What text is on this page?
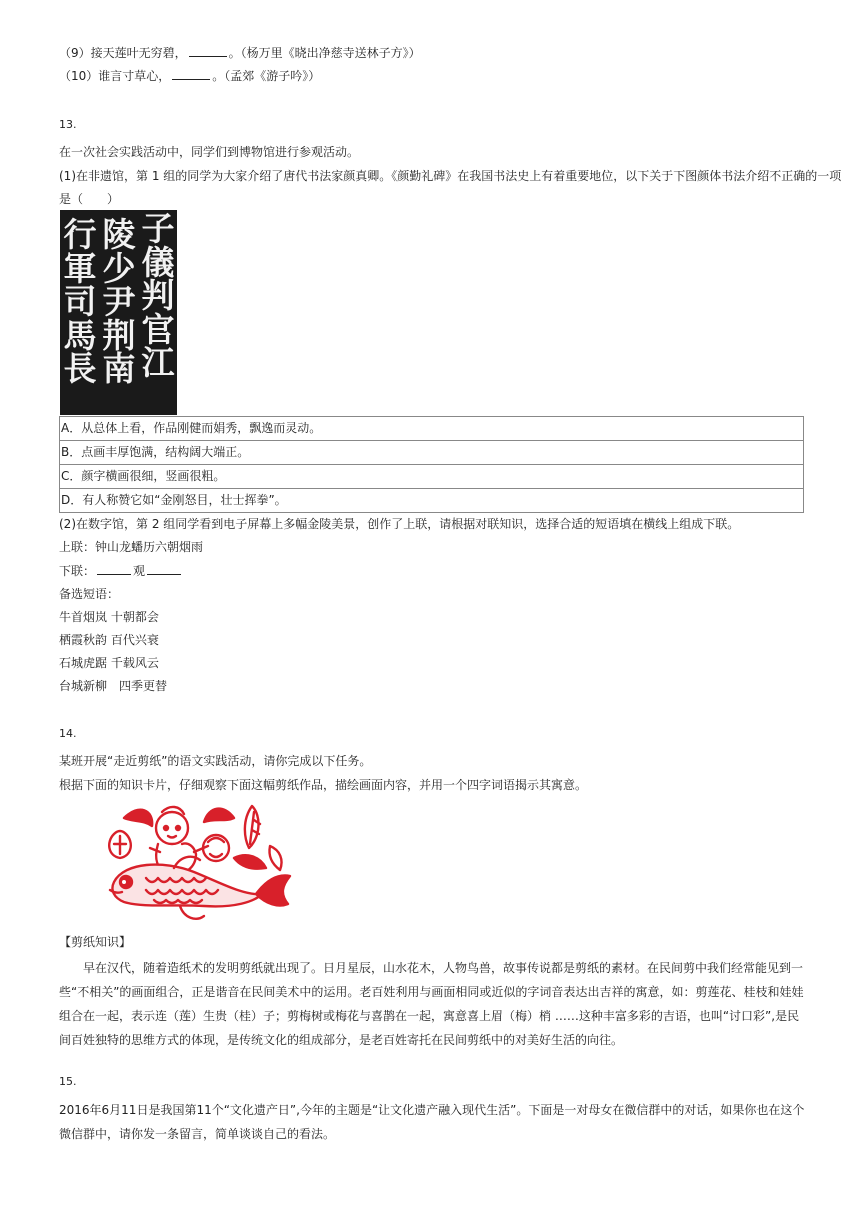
（9）接天莲叶无穷碧，	。（杨万里《晓出净慈寺送林子方》）
（10）谁言寸草心，	。（孟郊《游子吟》）
13.
在一次社会实践活动中，同学们到博物馆进行参观活动。
(1)在非遗馆，第 1 组的同学为大家介绍了唐代书法家颜真卿。《颜勤礼碑》在我国书法史上有着重要地位，以下关于下图颜体书法介绍不正确的一项
是（　　）
子
儀
判
官
江
陵
少
尹
荆
南
行
軍
司
馬
長
A．从总体上看，作品刚健而娟秀，飘逸而灵动。
B．点画丰厚饱满，结构阔大端正。
C．颜字横画很细，竖画很粗。
D．有人称赞它如“金刚怒目，壮士挥拳”。
(2)在数字馆，第 2 组同学看到电子屏幕上多幅金陵美景，创作了上联，请根据对联知识，选择合适的短语填在横线上组成下联。
上联：钟山龙蟠历六朝烟雨
下联：	观
备选短语：
牛首烟岚 十朝都会
栖霞秋韵 百代兴衰
石城虎踞 千载风云
台城新柳　四季更替
14.
某班开展“走近剪纸”的语文实践活动，请你完成以下任务。
根据下面的知识卡片，仔细观察下面这幅剪纸作品，描绘画面内容，并用一个四字词语揭示其寓意。
【剪纸知识】
早在汉代，随着造纸术的发明剪纸就出现了。日月星辰，山水花木，人物鸟兽，故事传说都是剪纸的素材。在民间剪中我们经常能见到一些“不相关”的画面组合，正是谐音在民间美术中的运用。老百姓利用与画面相同或近似的字词音表达出吉祥的寓意，如：剪莲花、桂枝和娃娃组合在一起，表示连（莲）生贵（桂）子；剪梅树或梅花与喜鹊在一起，寓意喜上眉（梅）梢 ……这种丰富多彩的吉语，也叫“讨口彩”,是民间百姓独特的思维方式的体现，是传统文化的组成部分，是老百姓寄托在民间剪纸中的对美好生活的向往。
15.
2016年6月11日是我国第11个“文化遗产日”,今年的主题是“让文化遗产融入现代生活”。下面是一对母女在微信群中的对话，如果你也在这个微信群中，请你发一条留言，简单谈谈自己的看法。
